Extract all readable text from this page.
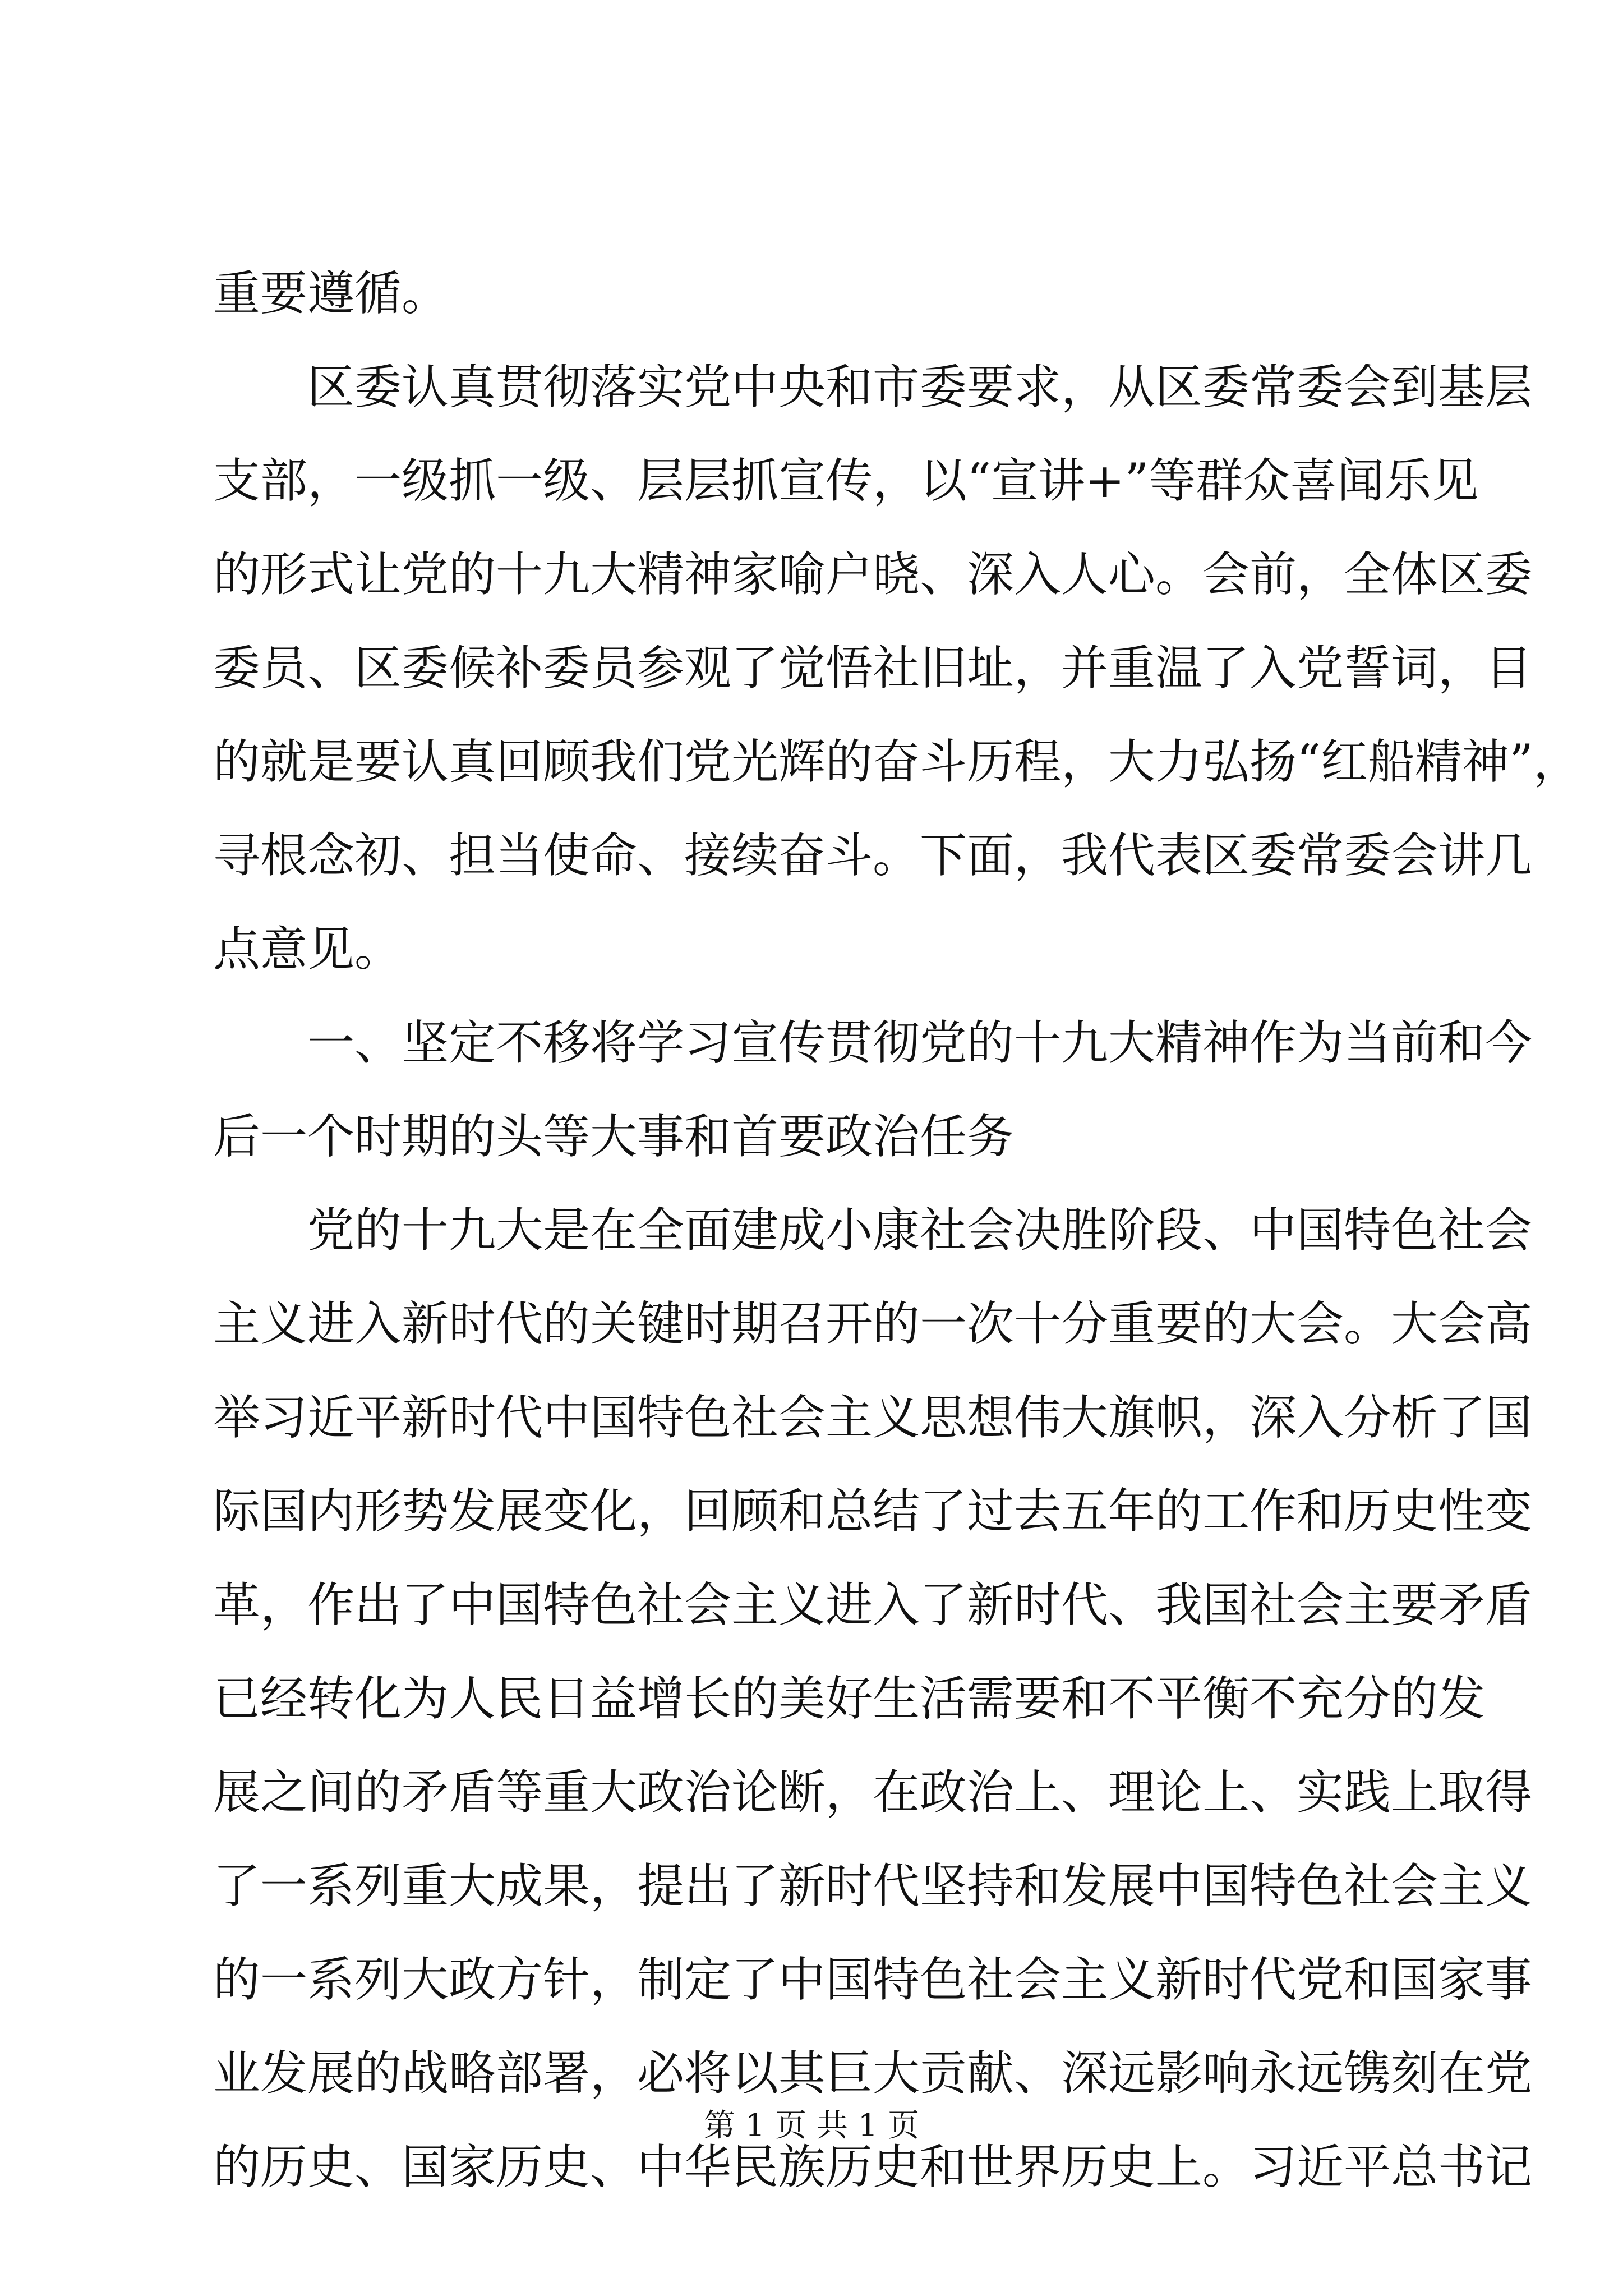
重要遵循。
区委认真贯彻落实党中央和市委要求，从区委常委会到基层
支部，一级抓一级、层层抓宣传，以“宣讲+”等群众喜闻乐见
的形式让党的十九大精神家喻户晓、深入人心。会前，全体区委
委员、区委候补委员参观了觉悟社旧址，并重温了入党誓词，目
的就是要认真回顾我们党光辉的奋斗历程，大力弘扬“红船精神”，
寻根念初、担当使命、接续奋斗。下面，我代表区委常委会讲几
点意见。
一、坚定不移将学习宣传贯彻党的十九大精神作为当前和今
后一个时期的头等大事和首要政治任务
党的十九大是在全面建成小康社会决胜阶段、中国特色社会
主义进入新时代的关键时期召开的一次十分重要的大会。大会高
举习近平新时代中国特色社会主义思想伟大旗帜，深入分析了国
际国内形势发展变化，回顾和总结了过去五年的工作和历史性变
革，作出了中国特色社会主义进入了新时代、我国社会主要矛盾
已经转化为人民日益增长的美好生活需要和不平衡不充分的发
展之间的矛盾等重大政治论断，在政治上、理论上、实践上取得
了一系列重大成果，提出了新时代坚持和发展中国特色社会主义
的一系列大政方针，制定了中国特色社会主义新时代党和国家事
业发展的战略部署，必将以其巨大贡献、深远影响永远镌刻在党
的历史、国家历史、中华民族历史和世界历史上。习近平总书记
第 1 页 共 1 页
